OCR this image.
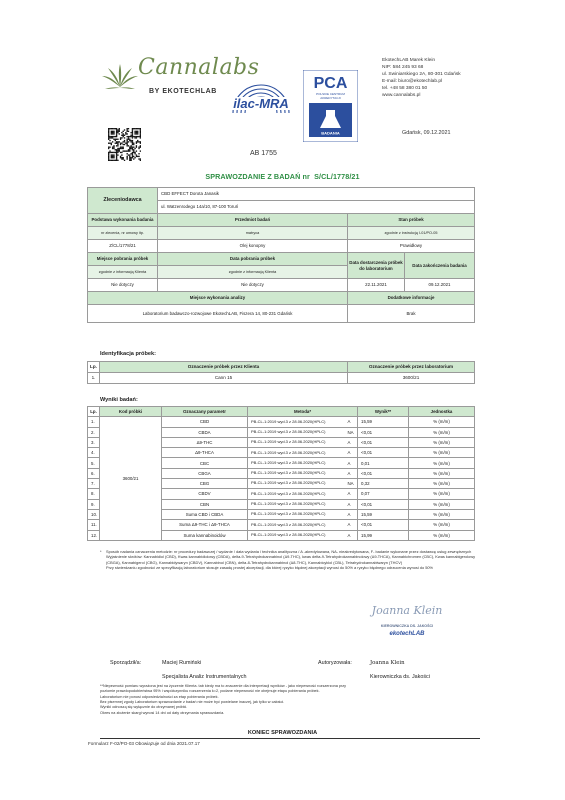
Cannalabs
BY EKOTECHLAB
ilac-MRA
PCA
POLSKIE CENTRUM
AKREDYTACJI
BADANIA
EkotechLAB Marek Klein
NIP: 584 245 93 68
ul. Swiniarskiego 2A, 80-301 Gdańsk
E-mail: biuro@ekotechlab.pl
tel. +48 58 380 01 50
www.cannalabs.pl
Gdańsk, 09.12.2021
AB 1755
SPRAWOZDANIE Z BADAŃ nr S/CL/1778/21
Zleceniodawca	CBD EFFECT Dorota Janasik		
	ul. Watzenrodego 14a/10, 87-100 Toruń		
Podstawa wykonania badania	Przedmiot badań	Stan próbek	
nr zlecenia, nr umowy itp.	matryca	zgodnie z instrukcją I-01/PO-05	
Z/CL/1778/21	Olej konopny	Prawidłowy	
Miejsce pobrania próbek	Data pobrania próbek	Data dostarczenia próbek do laboratorium	Data zakończenia badania
zgodnie z informacją Klienta	zgodnie z informacją Klienta		
Nie dotyczy	Nie dotyczy	22.11.2021	09.12.2021
Miejsce wykonania analizy		Dodatkowe informacje	
Laboratorium badawczo-rozwojowe EkotechLAB, Fiszera 14, 80-231 Gdańsk		Brak	
Identyfikacja próbek:
Lp.	Oznaczenie próbek przez Klienta	Oznaczenie próbek przez laboratorium
1.	Cann 15	3600/21
Wyniki badań:
Lp.	Kod próbki	Oznaczany parametr	Metoda*		Wynik**	Jednostka
1.	3600/21	CBD	PB-CL-1:2019 wyd.3 z 28.06.2020(HPLC)	A	15,59	% (m/m)
2.		CBDA	PB-CL-1:2019 wyd.3 z 28.06.2020(HPLC)	NA	<0,01	% (m/m)
3.		Δ9-THC	PB-CL-1:2019 wyd.3 z 28.06.2020(HPLC)	A	<0,01	% (m/m)
4.		Δ9-THCA	PB-CL-1:2019 wyd.3 z 28.06.2020(HPLC)	A	<0,01	% (m/m)
5.		CBC	PB-CL-1:2019 wyd.3 z 28.06.2020(HPLC)	A	0,01	% (m/m)
6.		CBGA	PB-CL-1:2019 wyd.3 z 28.06.2020(HPLC)	A	<0,01	% (m/m)
7.		CBG	PB-CL-1:2019 wyd.3 z 28.06.2020(HPLC)	NA	0,32	% (m/m)
8.		CBDV	PB-CL-1:2019 wyd.3 z 28.06.2020(HPLC)	A	0,07	% (m/m)
9.		CBN	PB-CL-1:2019 wyd.3 z 28.06.2020(HPLC)	A	<0,01	% (m/m)
10.		Suma CBD i CBDA	PB-CL-1:2019 wyd.3 z 28.06.2020(HPLC)	A	15,59	% (m/m)
11.		Suma Δ9-THC i Δ9-THCA	PB-CL-1:2019 wyd.3 z 28.06.2020(HPLC)	A	<0,01	% (m/m)
12.		Suma kannabinoidów	PB-CL-1:2019 wyd.3 z 28.06.2020(HPLC)	A	15,99	% (m/m)
*	Sposób nadania oznaczenia metodzie: nr procedury badawczej / wydanie / data wydania / technika analityczna / A -akredytowana, NA- nieakredytowana, F- badanie wykonane przez dostawcę usług zewnętrznych
Wyjaśnienie skrótów: Kannabidiol (CBD), Kwas kannabidiolowy (CBDA), delta-9-Tetrahydrokannabinol (Δ9-THC), kwas delta-9-Tetrahydrokannabinolowy (Δ9-THCA), Kannabichromen (CBC), Kwas kannabigerolowy (CBGA), Kannabigerol (CBG), Kannabidywaryn (CBDV), Kannabinol (CBN), delta-8-Tetrahydrokannabinol (Δ8-THC), Kannabicyklol (CBL), Tetrahydrokannabiwaryn (THCV)
Przy stwierdzaniu zgodności ze specyfikacją laboratorium stosuje zasadę prostej akceptacji, dla której ryzyko błędnej akceptacji wynosi do 50% a ryzyko błędnego odrzucenia wynosi do 50%
Joanna Klein
KIEROWNICZKA DS. JAKOŚCI
ekotechLAB
Sporządził/a:	Maciej Rumiński
Specjalista Analiz Instrumentalnych
Autoryzowała:	Joanna Klein
Kierowniczka ds. Jakości
**Niepewność pomiaru wyrażona jest na życzenie Klienta. tab kiedy ma to znaczenie dla interpretacji wyników - jako niepewność rozszerzona przy
poziomie prawdopodobieństwa 95% i współczynniku rozszerzenia k=2, podane niepewność nie obejmuje etapu pobierania próbek.
Laboratorium nie ponosi odpowiedzialności za etap pobierania próbek.
Bez pisemnej zgody Laboratorium sprawozdanie z badań nie może być powielane inaczej, jak tylko w całości.
Wyniki odnoszą się wyłącznie do otrzymanej próbki.
Okres na złożenie skargi wynosi 14 dni od daty otrzymania sprawozdania.
KONIEC SPRAWOZDANIA
Formularz F-02/PO-03 Obowiązuje od dnia 2021.07.17
